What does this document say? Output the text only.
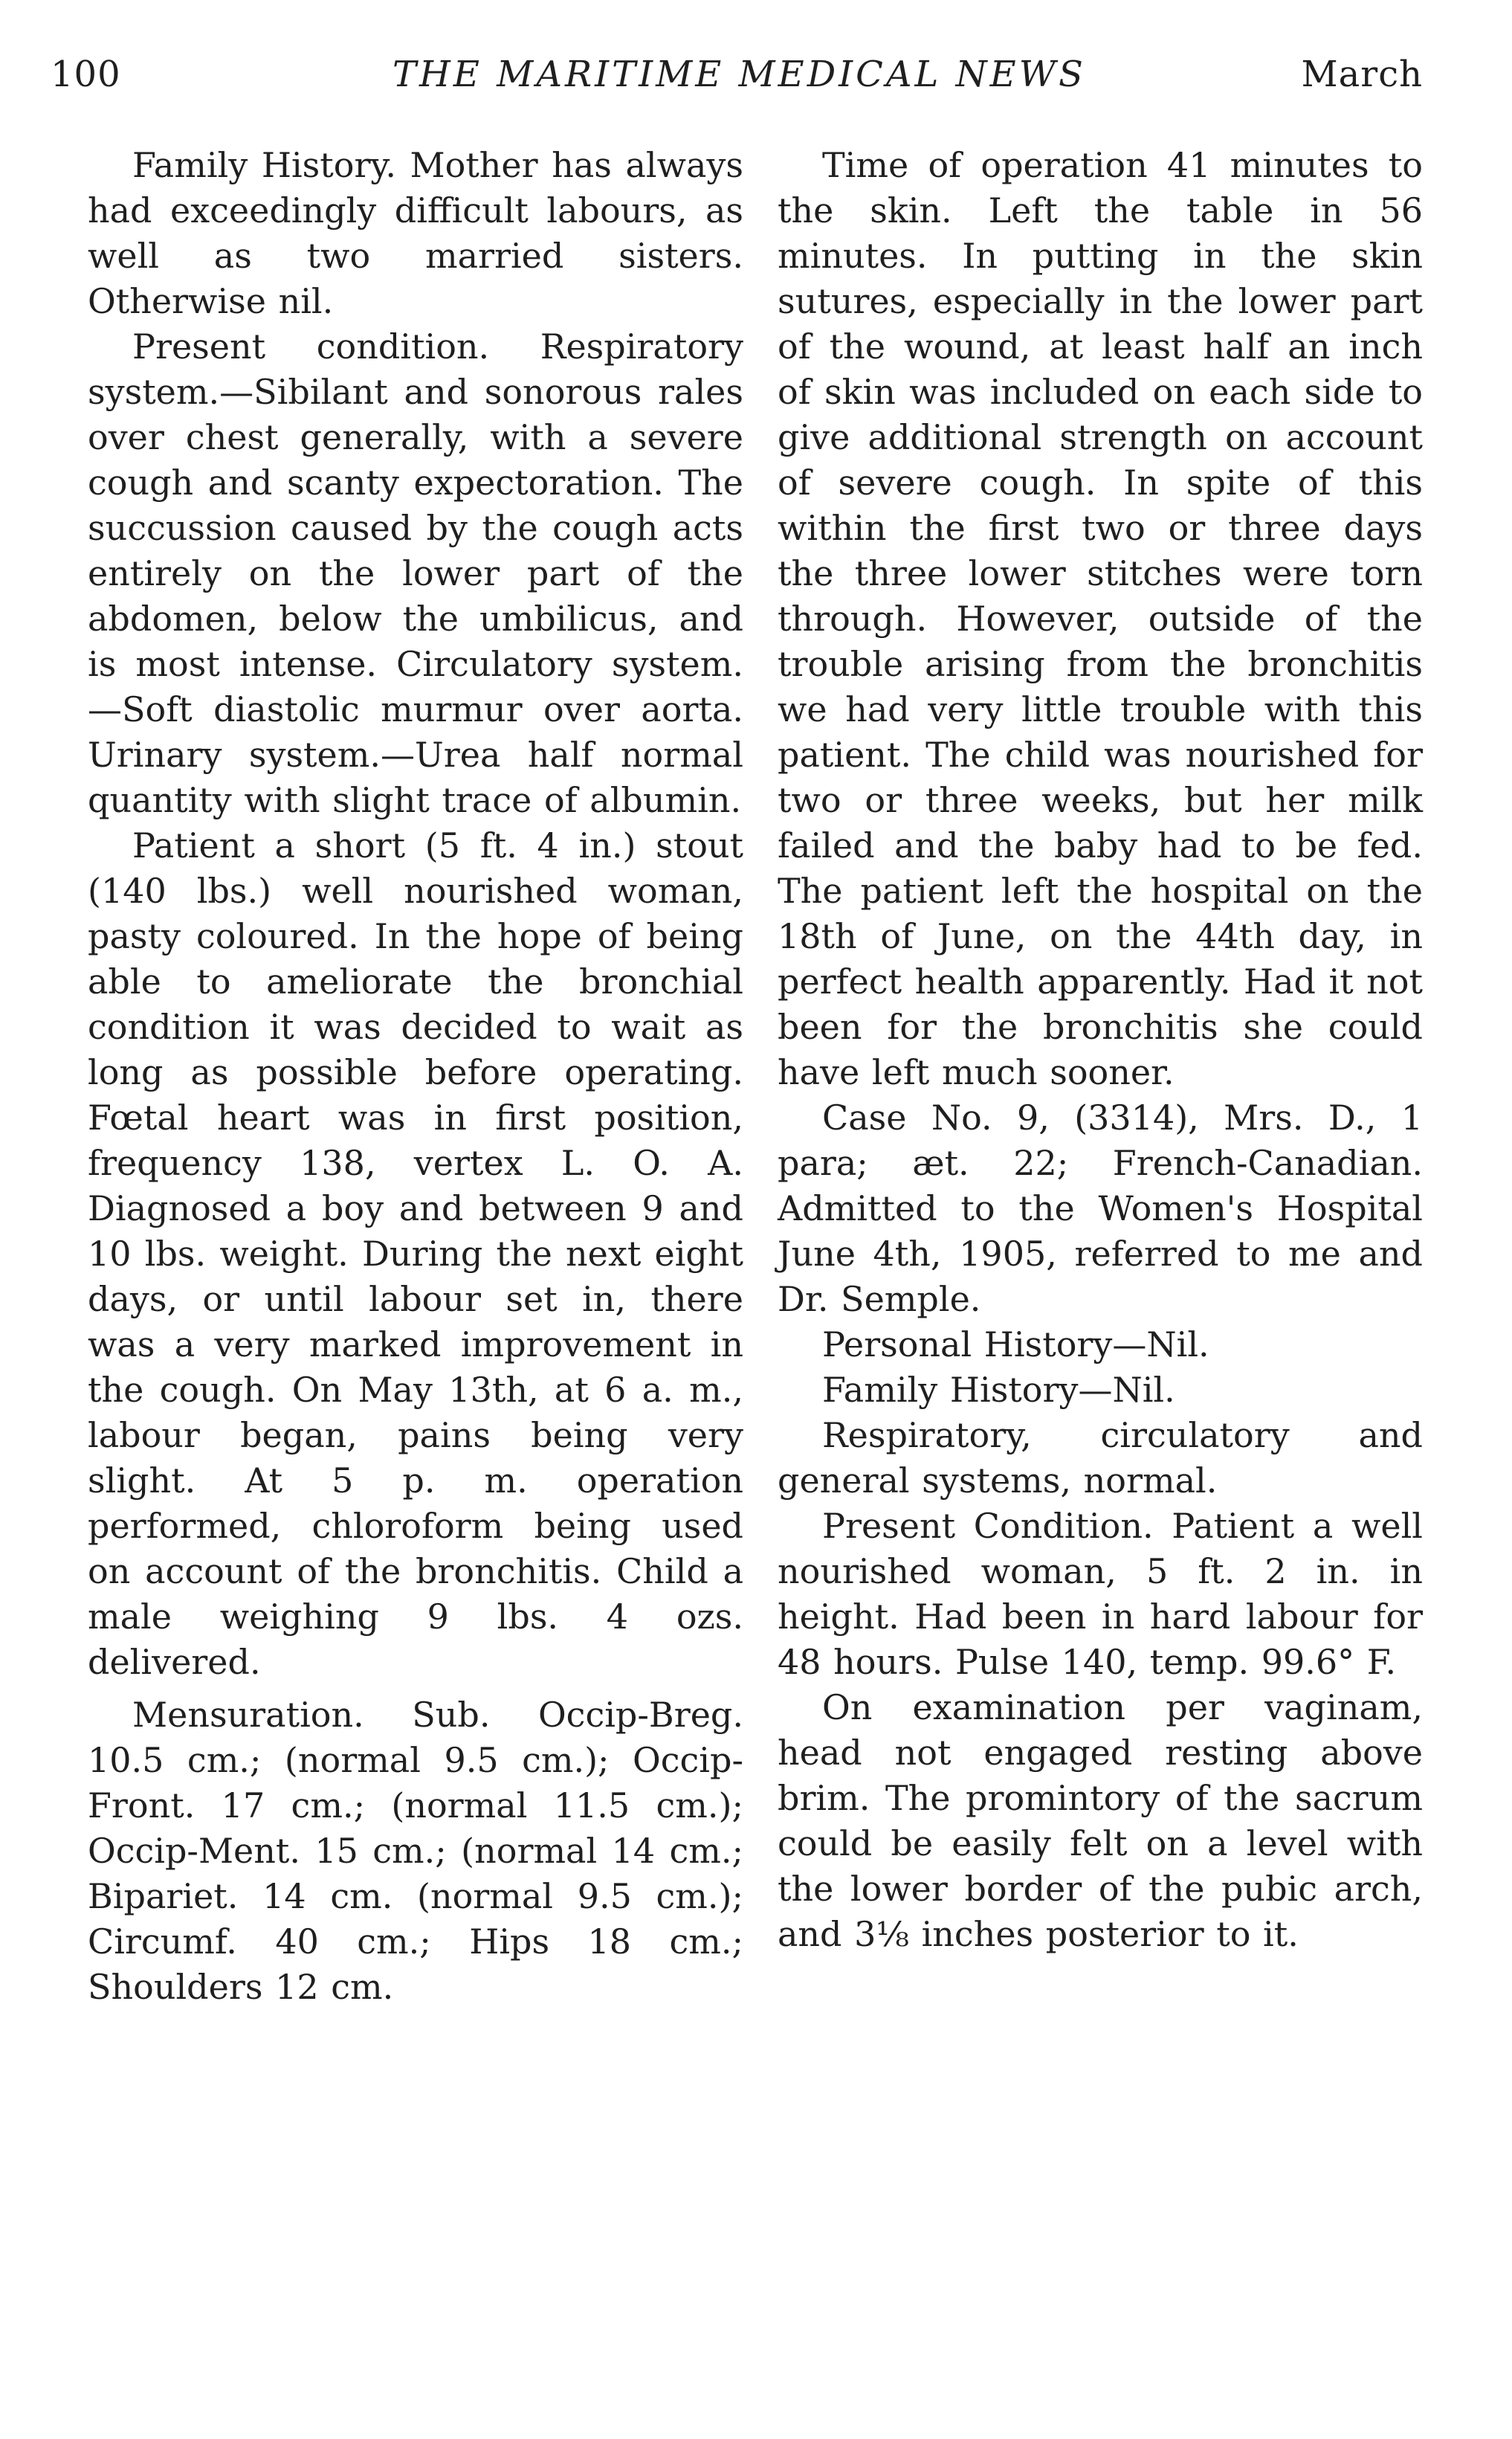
100	THE MARITIME MEDICAL NEWS	March

Family History. Mother has always had exceedingly difficult labours, as well as two married sisters. Otherwise nil.

Present condition. Respiratory system.—Sibilant and sonorous rales over chest generally, with a severe cough and scanty expectoration. The succussion caused by the cough acts entirely on the lower part of the abdomen, below the umbilicus, and is most intense. Circulatory system.—Soft diastolic murmur over aorta. Urinary system.—Urea half normal quantity with slight trace of albumin.

Patient a short (5 ft. 4 in.) stout (140 lbs.) well nourished woman, pasty coloured. In the hope of being able to ameliorate the bronchial condition it was decided to wait as long as possible before operating. Fœtal heart was in first position, frequency 138, vertex L. O. A. Diagnosed a boy and between 9 and 10 lbs. weight. During the next eight days, or until labour set in, there was a very marked improvement in the cough. On May 13th, at 6 a. m., labour began, pains being very slight. At 5 p. m. operation performed, chloroform being used on account of the bronchitis. Child a male weighing 9 lbs. 4 ozs. delivered.

Mensuration. Sub. Occip-Breg. 10.5 cm.; (normal 9.5 cm.); Occip-Front. 17 cm.; (normal 11.5 cm.); Occip-Ment. 15 cm.; (normal 14 cm.; Bipariet. 14 cm. (normal 9.5 cm.); Circumf. 40 cm.; Hips 18 cm.; Shoulders 12 cm.

Time of operation 41 minutes to the skin. Left the table in 56 minutes. In putting in the skin sutures, especially in the lower part of the wound, at least half an inch of skin was included on each side to give additional strength on account of severe cough. In spite of this within the first two or three days the three lower stitches were torn through. However, outside of the trouble arising from the bronchitis we had very little trouble with this patient. The child was nourished for two or three weeks, but her milk failed and the baby had to be fed. The patient left the hospital on the 18th of June, on the 44th day, in perfect health apparently. Had it not been for the bronchitis she could have left much sooner.

Case No. 9, (3314), Mrs. D., 1 para; æt. 22; French-Canadian. Admitted to the Women's Hospital June 4th, 1905, referred to me and Dr. Semple.

Personal History—Nil.

Family History—Nil.

Respiratory, circulatory and general systems, normal.

Present Condition. Patient a well nourished woman, 5 ft. 2 in. in height. Had been in hard labour for 48 hours. Pulse 140, temp. 99.6° F.

On examination per vaginam, head not engaged resting above brim. The promintory of the sacrum could be easily felt on a level with the lower border of the pubic arch, and 3⅛ inches posterior to it.
